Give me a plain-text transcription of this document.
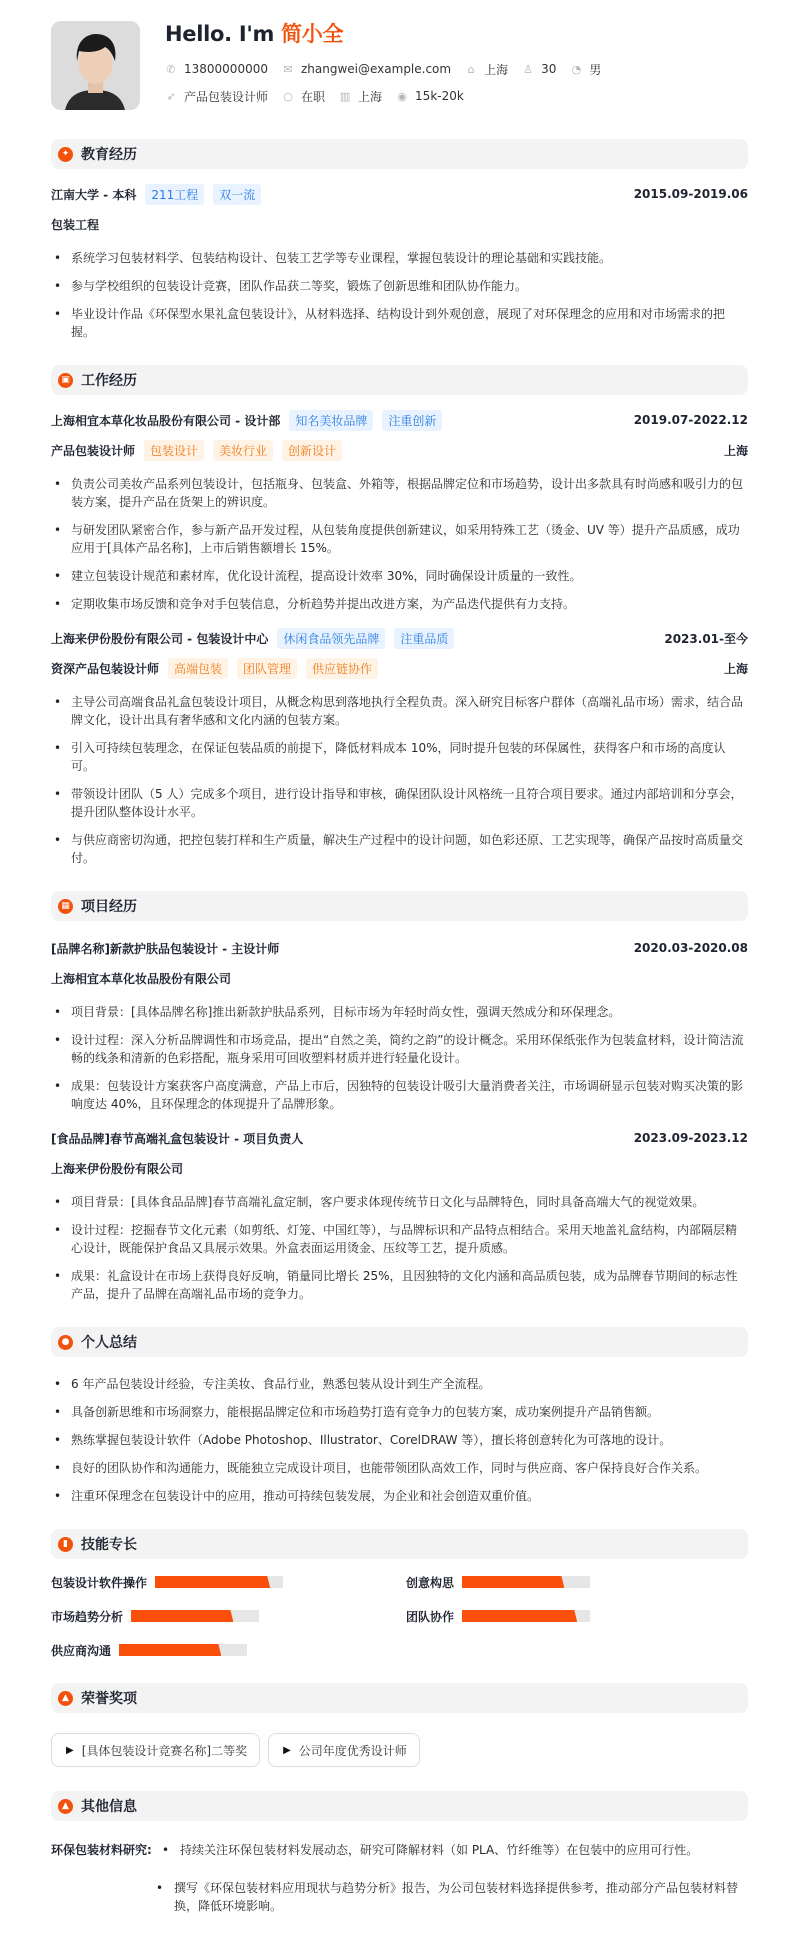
Hello. I'm 简小全
✆ 13800000000 ✉ zhangwei@example.com ⌂ 上海 ♙ 30 ◔ 男
➶ 产品包装设计师 ○ 在职 ▥ 上海 ◉ 15k-20k
✦ 教育经历
江南大学 - 本科	211工程	双一流	2015.09-2019.06
包装工程
• 系统学习包装材料学、包装结构设计、包装工艺学等专业课程，掌握包装设计的理论基础和实践技能。
• 参与学校组织的包装设计竞赛，团队作品获二等奖，锻炼了创新思维和团队协作能力。
• 毕业设计作品《环保型水果礼盒包装设计》，从材料选择、结构设计到外观创意，展现了对环保理念的应用和对市场需求的把握。
▣ 工作经历
上海相宜本草化妆品股份有限公司 - 设计部	知名美妆品牌	注重创新	2019.07-2022.12
产品包装设计师	包装设计	美妆行业	创新设计	上海
• 负责公司美妆产品系列包装设计，包括瓶身、包装盒、外箱等，根据品牌定位和市场趋势，设计出多款具有时尚感和吸引力的包装方案，提升产品在货架上的辨识度。
• 与研发团队紧密合作，参与新产品开发过程，从包装角度提供创新建议，如采用特殊工艺（烫金、UV 等）提升产品质感，成功应用于[具体产品名称]，上市后销售额增长 15%。
• 建立包装设计规范和素材库，优化设计流程，提高设计效率 30%，同时确保设计质量的一致性。
• 定期收集市场反馈和竞争对手包装信息，分析趋势并提出改进方案，为产品迭代提供有力支持。
上海来伊份股份有限公司 - 包装设计中心	休闲食品领先品牌	注重品质	2023.01-至今
资深产品包装设计师	高端包装	团队管理	供应链协作	上海
• 主导公司高端食品礼盒包装设计项目，从概念构思到落地执行全程负责。深入研究目标客户群体（高端礼品市场）需求，结合品牌文化，设计出具有奢华感和文化内涵的包装方案。
• 引入可持续包装理念，在保证包装品质的前提下，降低材料成本 10%，同时提升包装的环保属性，获得客户和市场的高度认可。
• 带领设计团队（5 人）完成多个项目，进行设计指导和审核，确保团队设计风格统一且符合项目要求。通过内部培训和分享会，提升团队整体设计水平。
• 与供应商密切沟通，把控包装打样和生产质量，解决生产过程中的设计问题，如色彩还原、工艺实现等，确保产品按时高质量交付。
▦ 项目经历
[品牌名称]新款护肤品包装设计 - 主设计师	2020.03-2020.08
上海相宜本草化妆品股份有限公司
• 项目背景：[具体品牌名称]推出新款护肤品系列，目标市场为年轻时尚女性，强调天然成分和环保理念。
• 设计过程：深入分析品牌调性和市场竞品，提出“自然之美，简约之韵”的设计概念。采用环保纸张作为包装盒材料，设计简洁流畅的线条和清新的色彩搭配，瓶身采用可回收塑料材质并进行轻量化设计。
• 成果：包装设计方案获客户高度满意，产品上市后，因独特的包装设计吸引大量消费者关注，市场调研显示包装对购买决策的影响度达 40%，且环保理念的体现提升了品牌形象。
[食品品牌]春节高端礼盒包装设计 - 项目负责人	2023.09-2023.12
上海来伊份股份有限公司
• 项目背景：[具体食品品牌]春节高端礼盒定制，客户要求体现传统节日文化与品牌特色，同时具备高端大气的视觉效果。
• 设计过程：挖掘春节文化元素（如剪纸、灯笼、中国红等），与品牌标识和产品特点相结合。采用天地盖礼盒结构，内部隔层精心设计，既能保护食品又具展示效果。外盒表面运用烫金、压纹等工艺，提升质感。
• 成果：礼盒设计在市场上获得良好反响，销量同比增长 25%，且因独特的文化内涵和高品质包装，成为品牌春节期间的标志性产品，提升了品牌在高端礼品市场的竞争力。
● 个人总结
• 6 年产品包装设计经验，专注美妆、食品行业，熟悉包装从设计到生产全流程。
• 具备创新思维和市场洞察力，能根据品牌定位和市场趋势打造有竞争力的包装方案，成功案例提升产品销售额。
• 熟练掌握包装设计软件（Adobe Photoshop、Illustrator、CorelDRAW 等），擅长将创意转化为可落地的设计。
• 良好的团队协作和沟通能力，既能独立完成设计项目，也能带领团队高效工作，同时与供应商、客户保持良好合作关系。
• 注重环保理念在包装设计中的应用，推动可持续包装发展，为企业和社会创造双重价值。
▮ 技能专长
包装设计软件操作	创意构思
市场趋势分析	团队协作
供应商沟通
▲ 荣誉奖项
▶ [具体包装设计竞赛名称]二等奖	▶ 公司年度优秀设计师
▲ 其他信息
环保包装材料研究:	• 持续关注环保包装材料发展动态，研究可降解材料（如 PLA、竹纤维等）在包装中的应用可行性。
• 撰写《环保包装材料应用现状与趋势分析》报告，为公司包装材料选择提供参考，推动部分产品包装材料替换，降低环境影响。
